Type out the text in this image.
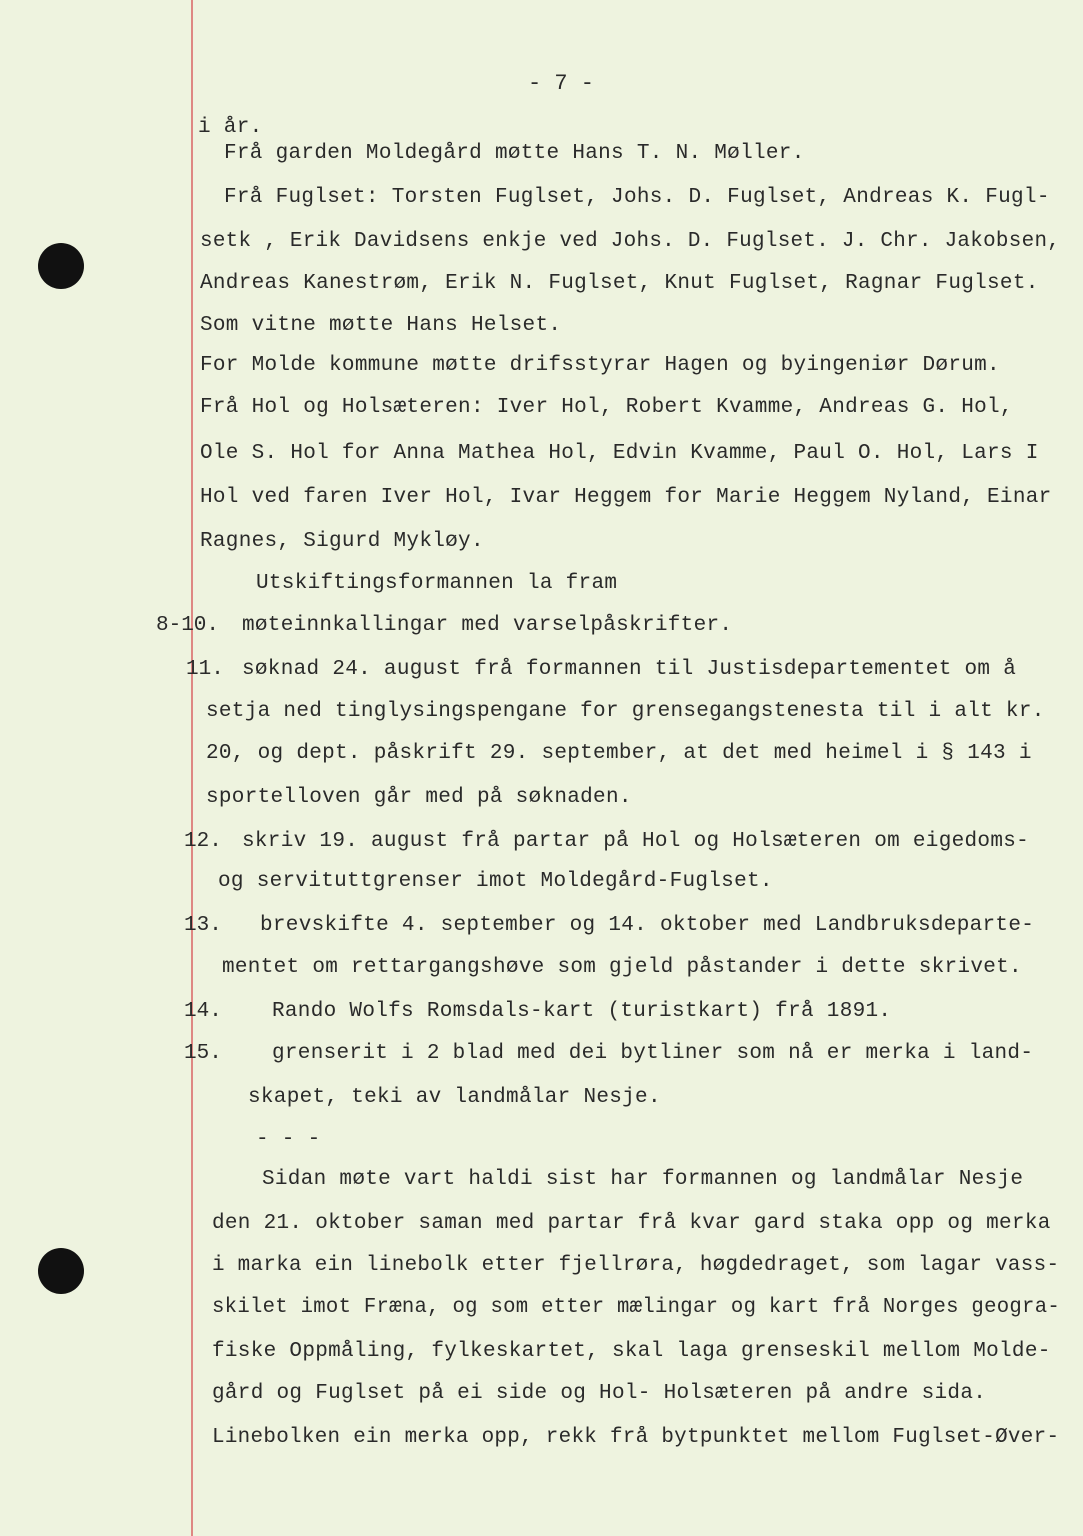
- 7 -
i år.
Frå garden Moldegård møtte Hans T. N. Møller.
Frå Fuglset: Torsten Fuglset, Johs. D. Fuglset, Andreas K. Fugl-
setk , Erik Davidsens enkje ved Johs. D. Fuglset. J. Chr. Jakobsen,
Andreas Kanestrøm, Erik N. Fuglset, Knut Fuglset, Ragnar Fuglset.
Som vitne møtte Hans Helset.
For Molde kommune møtte drifsstyrar Hagen og byingeniør Dørum.
Frå Hol og Holsæteren: Iver Hol, Robert Kvamme, Andreas G. Hol,
Ole S. Hol for Anna Mathea Hol, Edvin Kvamme, Paul O. Hol, Lars I
Hol ved faren Iver Hol, Ivar Heggem for Marie Heggem Nyland, Einar
Ragnes, Sigurd Mykløy.
Utskiftingsformannen la fram
8-10. møteinnkallingar med varselpåskrifter.
11. søknad 24. august frå formannen til Justisdepartementet om å
setja ned tinglysingspengane for grensegangstenesta til i alt kr.
20, og dept. påskrift 29. september, at det med heimel i § 143 i
sportelloven går med på søknaden.
12. skriv 19. august frå partar på Hol og Holsæteren om eigedoms-
og servituttgrenser imot Moldegård-Fuglset.
13. brevskifte 4. september og 14. oktober med Landbruksdeparte-
mentet om rettargangshøve som gjeld påstander i dette skrivet.
14. Rando Wolfs Romsdals-kart (turistkart) frå 1891.
15. grenserit i 2 blad med dei bytliner som nå er merka i land-
skapet, teki av landmålar Nesje.
- - -
Sidan møte vart haldi sist har formannen og landmålar Nesje
den 21. oktober saman med partar frå kvar gard staka opp og merka
i marka ein linebolk etter fjellrøra, høgdedraget, som lagar vass-
skilet imot Fræna, og som etter mælingar og kart frå Norges geogra-
fiske Oppmåling, fylkeskartet, skal laga grenseskil mellom Molde-
gård og Fuglset på ei side og Hol- Holsæteren på andre sida.
Linebolken ein merka opp, rekk frå bytpunktet mellom Fuglset-Øver-
